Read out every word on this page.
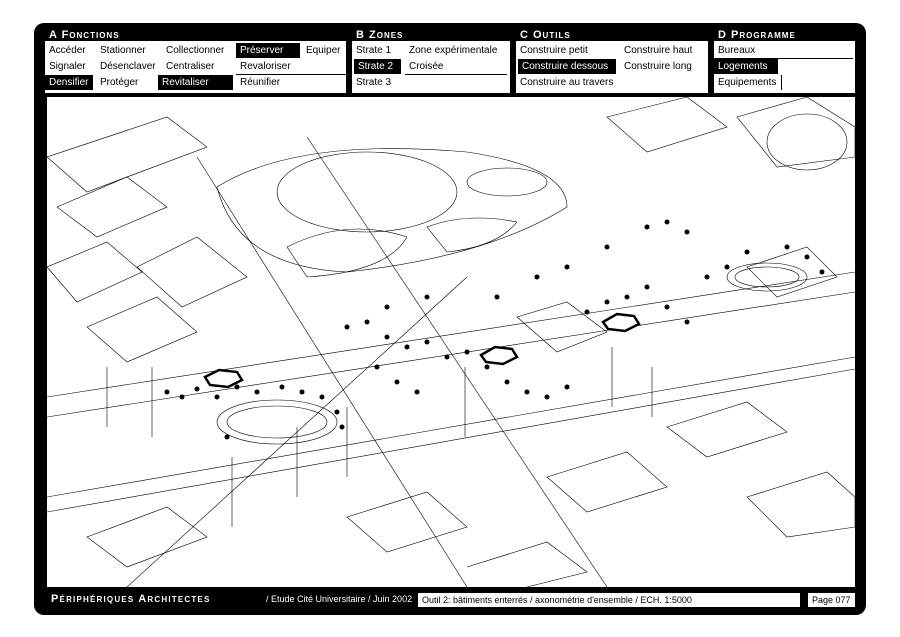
A Fonctions
Accéder	Stationner	Collectionner	Préserver	Equiper
Signaler	Désenclaver	Centraliser	Revaloriser
Densifier	Protéger	Revitaliser	Réunifier
B Zones
Strate 1	Zone expérimentale
Strate 2	Croisée
Strate 3
C Outils
Construire petit	Construire haut
Construire dessous	Construire long
Construire au travers
D Programme
Bureaux
Logements
Equipements
Périphériques Architectes	/ Etude Cité Universitaire / Juin 2002	Outil 2: bâtiments enterrés / axonométrie d'ensemble / ECH. 1:5000	Page 077
